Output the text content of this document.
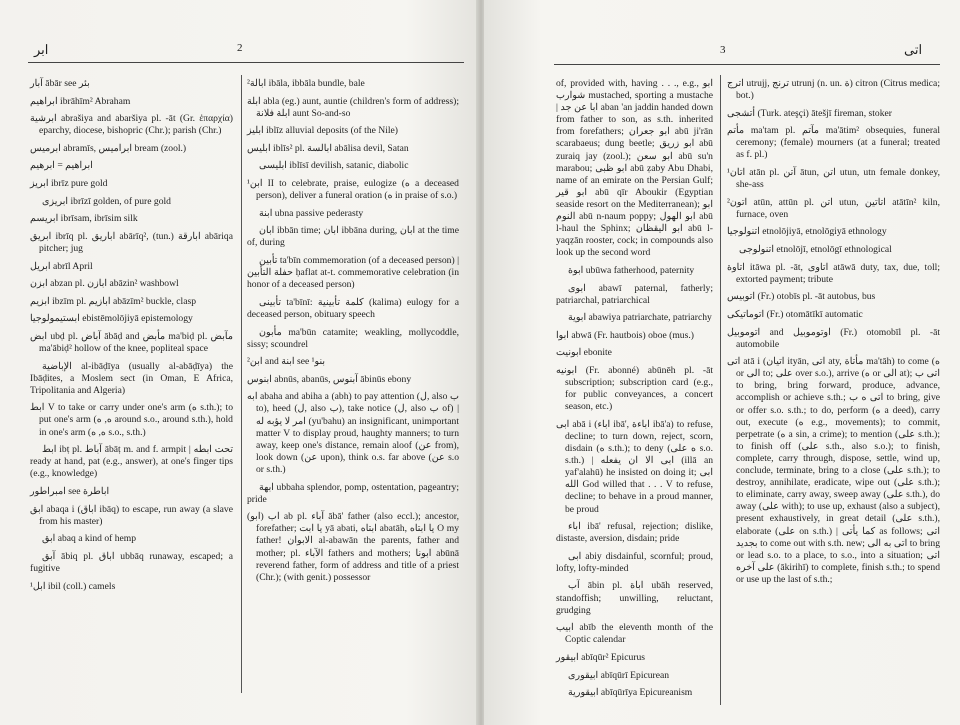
ابر	2

آبار ābār see بئر

ابراهيم ibrāhīm² Abraham

ابرشية abrašiya and abaršiya pl. -āt (Gr. ἐπαρχία) eparchy, diocese, bishopric (Chr.); parish (Chr.)

ابرميس abramīs, ابراميس bream (zool.)

ابراهيم = ابرهيم

ابريز ibrīz pure gold

ابريزى ibrīzī golden, of pure gold

ابريسم ibrīsam, ibrīsim silk

ابريق ibrīq pl. اباريق abārīq², (tun.) ابارقة abāriqa pitcher; jug

ابريل abrīl April

ابزن abzan pl. ابازن abāzin² washbowl

ابزيم ibzīm pl. ابازيم abāzīm² buckle, clasp

ابستيمولوجيا ebistēmolōjiyā epistemology

ابض ubḍ pl. آباض ābāḍ and مأبض ma'biḍ pl. مآبض ma'ābiḍ² hollow of the knee, popliteal space

الإباضية al-ibāḍīya (usually al-abāḍīya) the Ibāḍites, a Moslem sect (in Oman, E Africa, Tripolitania and Algeria)

ابط V to take or carry under one's arm (ه s.th.); to put one's arm (ه, ه around s.o., around s.th.), hold in one's arm (ه, ه s.o., s.th.)

ابط ibṭ pl. آباط ābāṭ m. and f. armpit | تحت ابطه ready at hand, pat (e.g., answer), at one's finger tips (e.g., knowledge)

امبراطور see اباطرة

ابق abaqa i (اباق ibāq) to escape, run away (a slave from his master)

ابق abaq a kind of hemp

آبق ābiq pl. اباق ubbāq runaway, escaped; a fugitive

¹ابل ibil (coll.) camels

²ابالة ibāla, ibbāla bundle, bale

ابلة abla (eg.) aunt, auntie (children's form of address); ابلة فلانة aunt So-and-so

ابليز iblīz alluvial deposits (of the Nile)

ابليس iblīs² pl. ابالسة abālisa devil, Satan

ابليسى iblīsī devilish, satanic, diabolic

¹ابن II to celebrate, praise, eulogize (ه a deceased person), deliver a funeral oration (ه in praise of s.o.)

ابنة ubna passive pederasty

ابان ibbān time; ابان ibbāna during, ابان at the time of, during

تأبين ta'bīn commemoration (of a deceased person) | حفلة التأبين ḥaflat at-t. commemorative celebration (in honor of a deceased person)

تأبينى ta'bīnī: كلمة تأبينية (kalima) eulogy for a deceased person, obituary speech

مأبون ma'būn catamite; weakling, mollycoddle, sissy; scoundrel

²ابن and ابنة see ¹بنو

ابنوس abnūs, abanūs, آبنوس ābinūs ebony

ابه abaha and abiha a (abh) to pay attention (ل, also ب to), heed (ل, also ب), take notice (ل, also ب of) | امر لا يؤبه له (yu'bahu) an insignificant, unimportant matter V to display proud, haughty manners; to turn away, keep one's distance, remain aloof (عن from), look down (عن upon), think o.s. far above (عن s.o or s.th.)

ابهة ubbaha splendor, pomp, ostentation, pageantry; pride

اب (ابو) ab pl. آباء ābā' father (also eccl.); ancestor, forefather; يا ابت yā abati, ابتاه abatāh, يا ابتاه O my father! الابوان al-abawān the parents, father and mother; pl. الآباء fathers and mothers; ابونا abūnā reverend father, form of address and title of a priest (Chr.); (with genit.) possessor

3	اتى

of, provided with, having . . ., e.g., ابو شوارب mustached, sporting a mustache | ابا عن جد aban 'an jaddin handed down from father to son, as s.th. inherited from forefathers; ابو جعران abū ji'rān scarabaeus; dung beetle; ابو زريق abū zuraiq jay (zool.); ابو سعن abū su'n marabou; ابو ظبى abū ẓaby Abu Dhabi, name of an emirate on the Persian Gulf; ابو قير abū qīr Aboukir (Egyptian seaside resort on the Mediterranean); ابو النوم abū n-naum poppy; ابو الهول abū l-haul the Sphinx; ابو اليقظان abū l-yaqẓān rooster, cock; in compounds also look up the second word

ابوة ubūwa fatherhood, paternity

ابوى abawī paternal, fatherly; patriarchal, patriarchical

ابوية abawiya patriarchate, patriarchy

ابوا abwā (Fr. hautbois) oboe (mus.)

ابونيت ebonite

ابونيه (Fr. abonné) abūnēh pl. -āt subscription; subscription card (e.g., for public conveyances, a concert season, etc.)

ابى abā i (اباء ibā', اباءة ibā'a) to refuse, decline; to turn down, reject, scorn, disdain (ه s.th.); to deny (ه على s.o. s.th.) | ابى الا ان يفعله (illā an yaf'alahū) he insisted on doing it; ابى الله God willed that . . . V to refuse, decline; to behave in a proud manner, be proud

اباء ibā' refusal, rejection; dislike, distaste, aversion, disdain; pride

ابى abiy disdainful, scornful; proud, lofty, lofty-minded

آب ābin pl. اباة ubāh reserved, standoffish; unwilling, reluctant, grudging

ابيب abīb the eleventh month of the Coptic calendar

ابيقور abīqūr² Epicurus

ابيقورى abīqūrī Epicurean

ابيقورية abīqūrīya Epicureanism

اترج utrujj, ترنج utrunj (n. un. ة) citron (Citrus medica; bot.)

أتشجى (Turk. ateşçi) ātešjī fireman, stoker

مأتم ma'tam pl. مآتم ma'ātim² obsequies, funeral ceremony; (female) mourners (at a funeral; treated as f. pl.)

¹اتان atān pl. آتن ātun, اتن utun, utn female donkey, she-ass

²اتون atūn, attūn pl. اتن utun, اتاتين atātīn² kiln, furnace, oven

اتنولوجيا etnolōjiyā, etnolōgiyā ethnology

اتنولوجى etnolōjī, etnolōgī ethnological

اتاوة itāwa pl. -āt, اتاوى atāwā duty, tax, due, toll; extorted payment; tribute

اتوبيس (Fr.) otobīs pl. -āt autobus, bus

اتوماتيكى (Fr.) otomātīkī automatic

اتوموبيل and اوتوموبيل (Fr.) otomobīl pl. -āt automobile

اتى atā i (اتيان ityān, اتى aty, مأتاة ma'tāh) to come (ه or الى to; على over s.o.), arrive (ه or الى at); اتى ب to bring, bring forward, produce, advance, accomplish or achieve s.th.; اتى ه ب to bring, give or offer s.o. s.th.; to do, perform (ه a deed), carry out, execute (ه e.g., movements); to commit, perpetrate (ه a sin, a crime); to mention (على s.th.); to finish off (على s.th., also s.o.); to finish, complete, carry through, dispose, settle, wind up, conclude, terminate, bring to a close (على s.th.); to destroy, annihilate, eradicate, wipe out (على s.th.); to eliminate, carry away, sweep away (على s.th.), do away (على with); to use up, exhaust (also a subject), present exhaustively, in great detail (على s.th.), elaborate (على on s.th.) | كما يأتى as follows; اتى بجديد to come out with s.th. new; اتى به الى to bring or lead s.o. to a place, to s.o., into a situation; اتى على آخره (ākirihī) to complete, finish s.th.; to spend or use up the last of s.th.;
